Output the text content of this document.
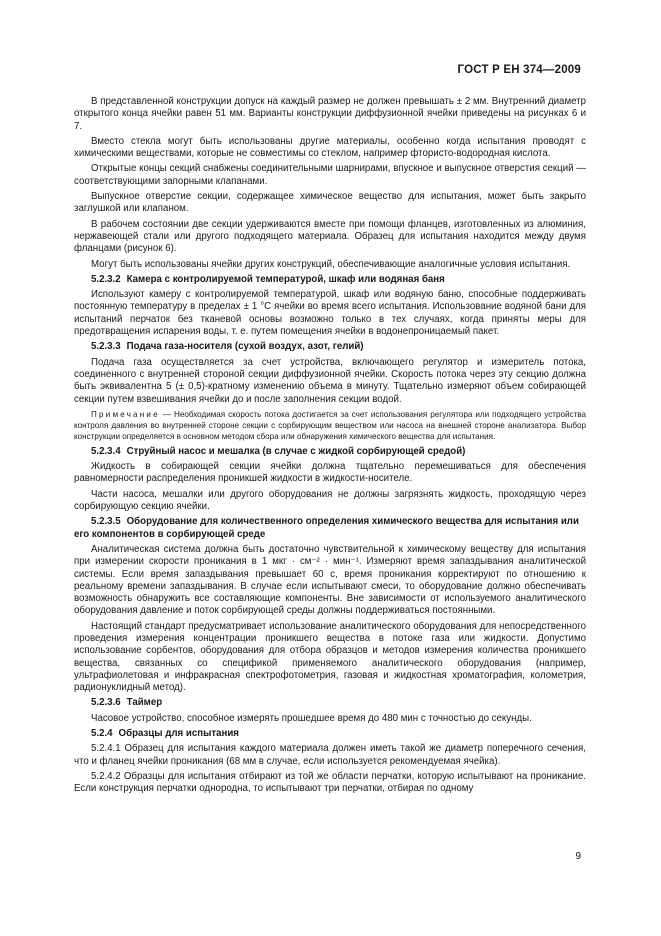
ГОСТ Р ЕН 374—2009

В представленной конструкции допуск на каждый размер не должен превышать ± 2 мм. Внутренний диаметр открытого конца ячейки равен 51 мм. Варианты конструкции диффузионной ячейки приведены на рисунках 6 и 7.

Вместо стекла могут быть использованы другие материалы, особенно когда испытания проводят с химическими веществами, которые не совместимы со стеклом, например фтористо-водородная кислота.

Открытые концы секций снабжены соединительными шарнирами, впускное и выпускное отверстия секций — соответствующими запорными клапанами.

Выпускное отверстие секции, содержащее химическое вещество для испытания, может быть закрыто заглушкой или клапаном.

В рабочем состоянии две секции удерживаются вместе при помощи фланцев, изготовленных из алюминия, нержавеющей стали или другого подходящего материала. Образец для испытания находится между двумя фланцами (рисунок 6).

Могут быть использованы ячейки других конструкций, обеспечивающие аналогичные условия испытания.

5.2.3.2 Камера с контролируемой температурой, шкаф или водяная баня

Используют камеру с контролируемой температурой, шкаф или водяную баню, способные поддерживать постоянную температуру в пределах ± 1 °С ячейки во время всего испытания. Использование водяной бани для испытаний перчаток без тканевой основы возможно только в тех случаях, когда приняты меры для предотвращения испарения воды, т. е. путем помещения ячейки в водонепроницаемый пакет.

5.2.3.3 Подача газа-носителя (сухой воздух, азот, гелий)

Подача газа осуществляется за счет устройства, включающего регулятор и измеритель потока, соединенного с внутренней стороной секции диффузионной ячейки. Скорость потока через эту секцию должна быть эквивалентна 5 (± 0,5)-кратному изменению объема в минуту. Тщательно измеряют объем собирающей секции путем взвешивания ячейки до и после заполнения секции водой.

Примечание — Необходимая скорость потока достигается за счет использования регулятора или подходящего устройства контроля давления во внутренней стороне секции с сорбирующим веществом или насоса на внешней стороне анализатора. Выбор конструкции определяется в основном методом сбора или обнаружения химического вещества для испытания.

5.2.3.4 Струйный насос и мешалка (в случае с жидкой сорбирующей средой)

Жидкость в собирающей секции ячейки должна тщательно перемешиваться для обеспечения равномерности распределения проникшей жидкости в жидкости-носителе.

Части насоса, мешалки или другого оборудования не должны загрязнять жидкость, проходящую через сорбирующую секцию ячейки.

5.2.3.5 Оборудование для количественного определения химического вещества для испытания или его компонентов в сорбирующей среде

Аналитическая система должна быть достаточно чувствительной к химическому веществу для испытания при измерении скорости проникания в 1 мкг · см⁻² · мин⁻¹. Измеряют время запаздывания аналитической системы. Если время запаздывания превышает 60 с, время проникания корректируют по отношению к реальному времени запаздывания. В случае если испытывают смеси, то оборудование должно обеспечивать возможность обнаружить все составляющие компоненты. Вне зависимости от используемого аналитического оборудования давление и поток сорбирующей среды должны поддерживаться постоянными.

Настоящий стандарт предусматривает использование аналитического оборудования для непосредственного проведения измерения концентрации проникшего вещества в потоке газа или жидкости. Допустимо использование сорбентов, оборудования для отбора образцов и методов измерения количества проникшего вещества, связанных со спецификой применяемого аналитического оборудования (например, ультрафиолетовая и инфракрасная спектрофотометрия, газовая и жидкостная хроматография, колометрия, радионуклидный метод).

5.2.3.6 Таймер

Часовое устройство, способное измерять прошедшее время до 480 мин с точностью до секунды.

5.2.4 Образцы для испытания

5.2.4.1 Образец для испытания каждого материала должен иметь такой же диаметр поперечного сечения, что и фланец ячейки проникания (68 мм в случае, если используется рекомендуемая ячейка).

5.2.4.2 Образцы для испытания отбирают из той же области перчатки, которую испытывают на проникание. Если конструкция перчатки однородна, то испытывают три перчатки, отбирая по одному

9
